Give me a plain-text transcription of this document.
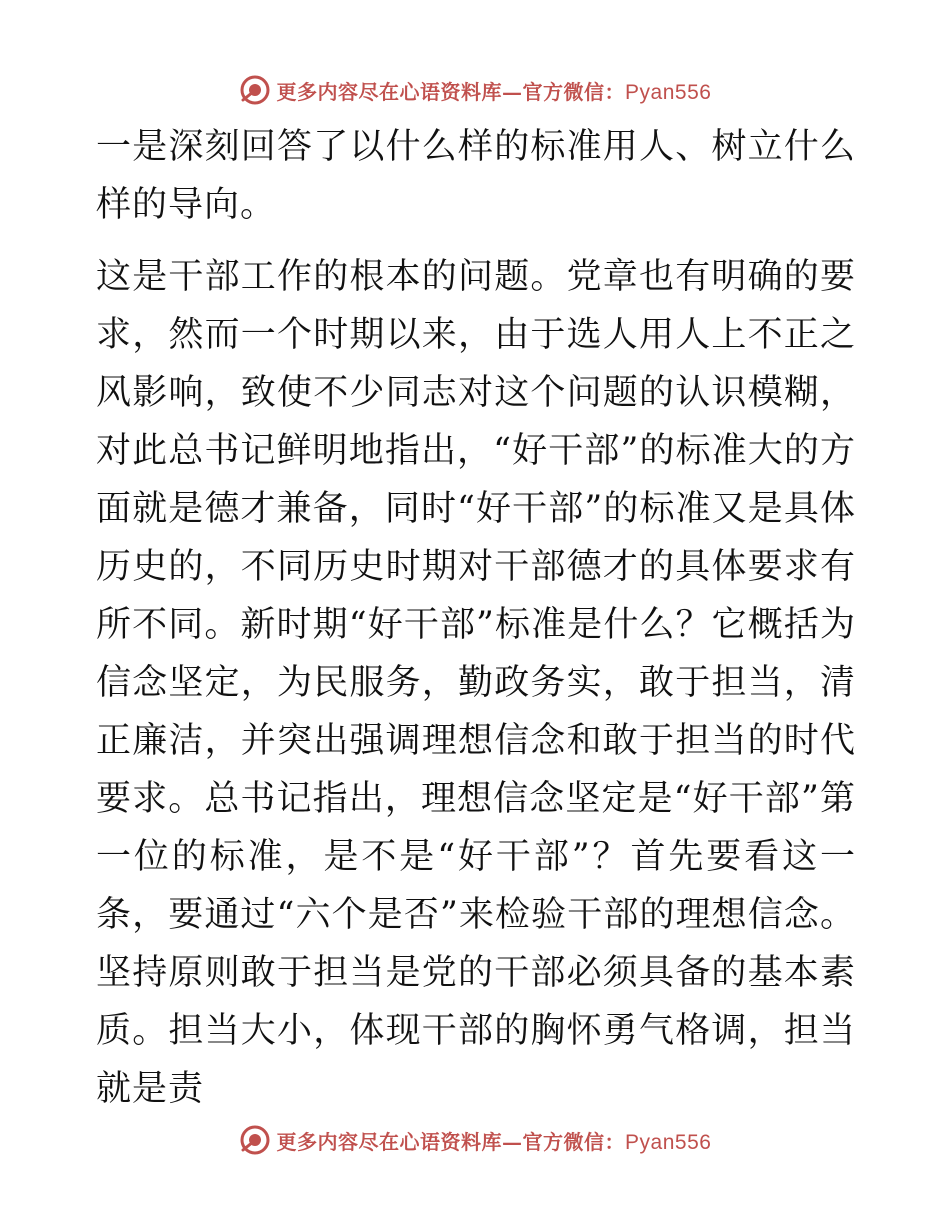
更多内容尽在心语资料库—官方微信：Pyan556

一是深刻回答了以什么样的标准用人、树立什么样的导向。

这是干部工作的根本的问题。党章也有明确的要求，然而一个时期以来，由于选人用人上不正之风影响，致使不少同志对这个问题的认识模糊，对此总书记鲜明地指出，“好干部”的标准大的方面就是德才兼备，同时“好干部”的标准又是具体历史的，不同历史时期对干部德才的具体要求有所不同。新时期“好干部”标准是什么？它概括为信念坚定，为民服务，勤政务实，敢于担当，清正廉洁，并突出强调理想信念和敢于担当的时代要求。总书记指出，理想信念坚定是“好干部”第一位的标准，是不是“好干部”？首先要看这一条，要通过“六个是否”来检验干部的理想信念。坚持原则敢于担当是党的干部必须具备的基本素质。担当大小，体现干部的胸怀勇气格调，担当就是责

更多内容尽在心语资料库—官方微信：Pyan556
